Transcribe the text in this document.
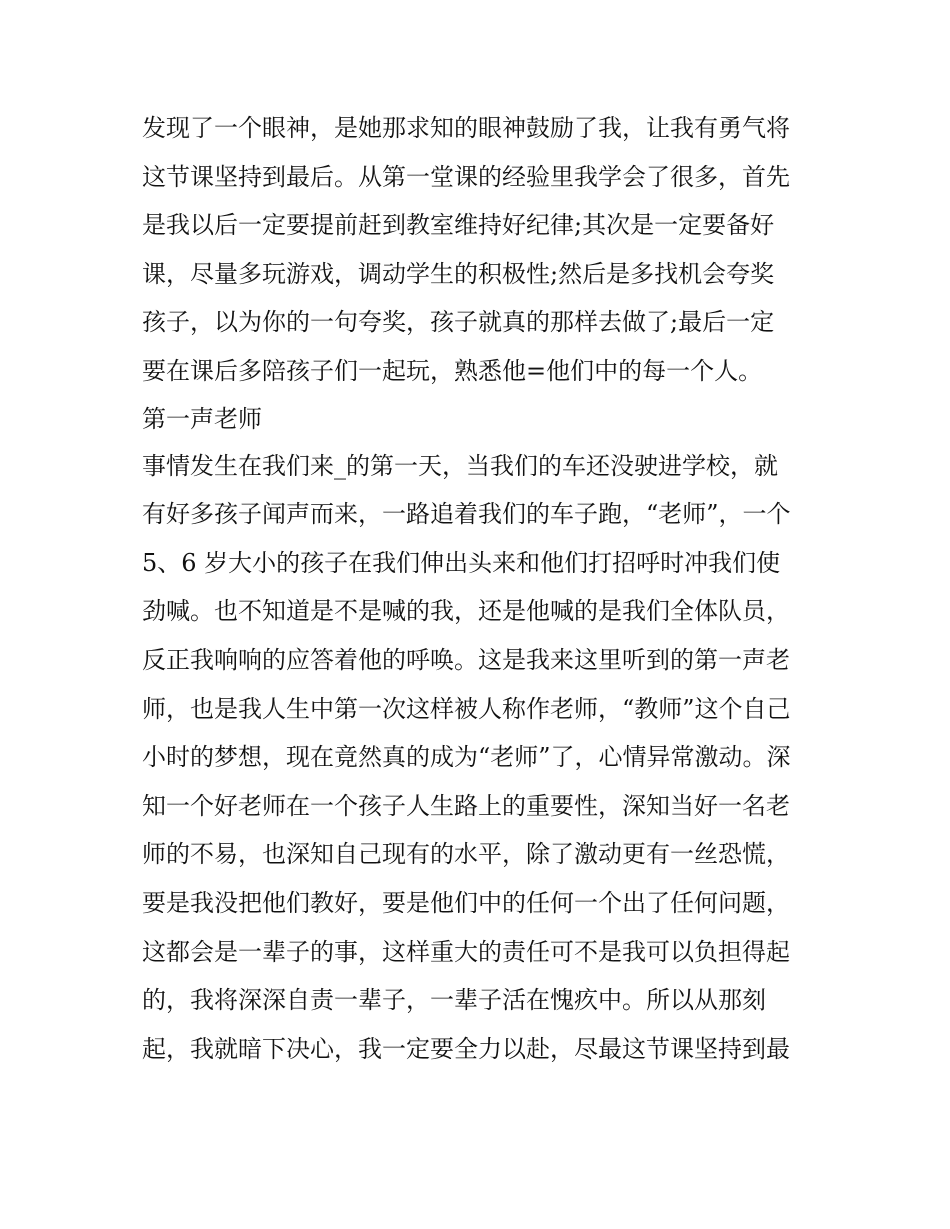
发现了一个眼神，是她那求知的眼神鼓励了我，让我有勇气将
这节课坚持到最后。从第一堂课的经验里我学会了很多，首先
是我以后一定要提前赶到教室维持好纪律;其次是一定要备好
课，尽量多玩游戏，调动学生的积极性;然后是多找机会夸奖
孩子，以为你的一句夸奖，孩子就真的那样去做了;最后一定
要在课后多陪孩子们一起玩，熟悉他=他们中的每一个人。
第一声老师
事情发生在我们来_的第一天，当我们的车还没驶进学校，就
有好多孩子闻声而来，一路追着我们的车子跑，“老师”，一个
5、6 岁大小的孩子在我们伸出头来和他们打招呼时冲我们使
劲喊。也不知道是不是喊的我，还是他喊的是我们全体队员，
反正我响响的应答着他的呼唤。这是我来这里听到的第一声老
师，也是我人生中第一次这样被人称作老师，“教师”这个自己
小时的梦想，现在竟然真的成为“老师”了，心情异常激动。深
知一个好老师在一个孩子人生路上的重要性，深知当好一名老
师的不易，也深知自己现有的水平，除了激动更有一丝恐慌，
要是我没把他们教好，要是他们中的任何一个出了任何问题，
这都会是一辈子的事，这样重大的责任可不是我可以负担得起
的，我将深深自责一辈子，一辈子活在愧疚中。所以从那刻
起，我就暗下决心，我一定要全力以赴，尽最这节课坚持到最
